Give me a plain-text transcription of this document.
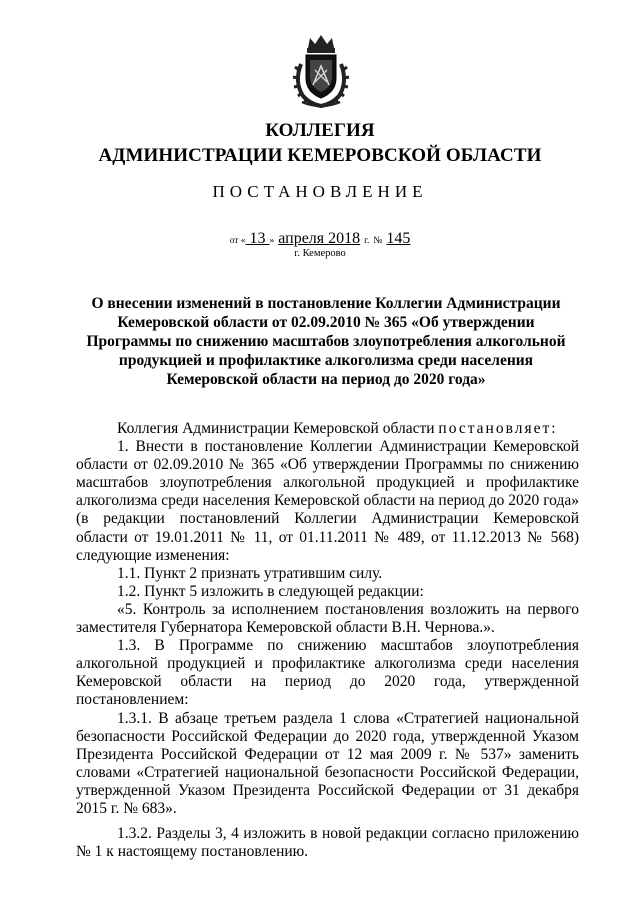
КОЛЛЕГИЯ
АДМИНИСТРАЦИИ КЕМЕРОВСКОЙ ОБЛАСТИ
ПОСТАНОВЛЕНИЕ
от « 13 » апреля 2018 г. № 145
г. Кемерово
О внесении изменений в постановление Коллегии Администрации Кемеровской области от 02.09.2010 № 365 «Об утверждении Программы по снижению масштабов злоупотребления алкогольной продукцией и профилактике алкоголизма среди населения Кемеровской области на период до 2020 года»

Коллегия Администрации Кемеровской области постановляет:

1. Внести в постановление Коллегии Администрации Кемеровской области от 02.09.2010 № 365 «Об утверждении Программы по снижению масштабов злоупотребления алкогольной продукцией и профилактике алкоголизма среди населения Кемеровской области на период до 2020 года» (в редакции постановлений Коллегии Администрации Кемеровской области от 19.01.2011 № 11, от 01.11.2011 № 489, от 11.12.2013 № 568) следующие изменения:

1.1. Пункт 2 признать утратившим силу.

1.2. Пункт 5 изложить в следующей редакции:

«5. Контроль за исполнением постановления возложить на первого заместителя Губернатора Кемеровской области В.Н. Чернова.».

1.3. В Программе по снижению масштабов злоупотребления алкогольной продукцией и профилактике алкоголизма среди населения Кемеровской области на период до 2020 года, утвержденной постановлением:

1.3.1. В абзаце третьем раздела 1 слова «Стратегией национальной безопасности Российской Федерации до 2020 года, утвержденной Указом Президента Российской Федерации от 12 мая 2009 г. № 537» заменить словами «Стратегией национальной безопасности Российской Федерации, утвержденной Указом Президента Российской Федерации от 31 декабря 2015 г. № 683».

1.3.2. Разделы 3, 4 изложить в новой редакции согласно приложению № 1 к настоящему постановлению.
